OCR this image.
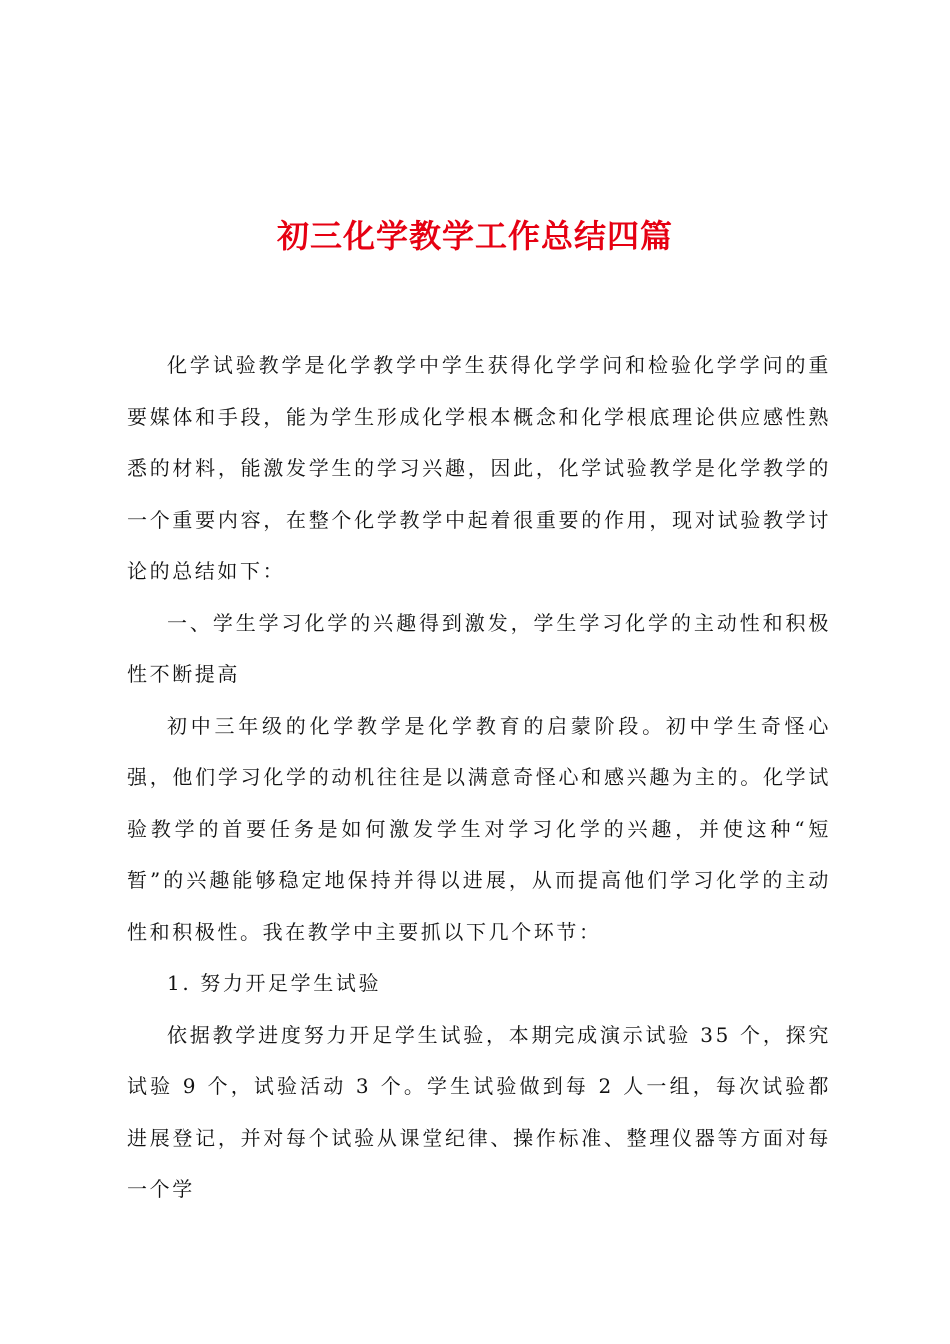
初三化学教学工作总结四篇

化学试验教学是化学教学中学生获得化学学问和检验化学学问的重要媒体和手段，能为学生形成化学根本概念和化学根底理论供应感性熟悉的材料，能激发学生的学习兴趣，因此，化学试验教学是化学教学的一个重要内容，在整个化学教学中起着很重要的作用，现对试验教学讨论的总结如下：

一、学生学习化学的兴趣得到激发，学生学习化学的主动性和积极性不断提高

初中三年级的化学教学是化学教育的启蒙阶段。初中学生奇怪心强，他们学习化学的动机往往是以满意奇怪心和感兴趣为主的。化学试验教学的首要任务是如何激发学生对学习化学的兴趣，并使这种“短暂”的兴趣能够稳定地保持并得以进展，从而提高他们学习化学的主动性和积极性。我在教学中主要抓以下几个环节：

1. 努力开足学生试验

依据教学进度努力开足学生试验，本期完成演示试验 35 个，探究试验 9 个，试验活动 3 个。学生试验做到每 2 人一组，每次试验都进展登记，并对每个试验从课堂纪律、操作标准、整理仪器等方面对每一个学
